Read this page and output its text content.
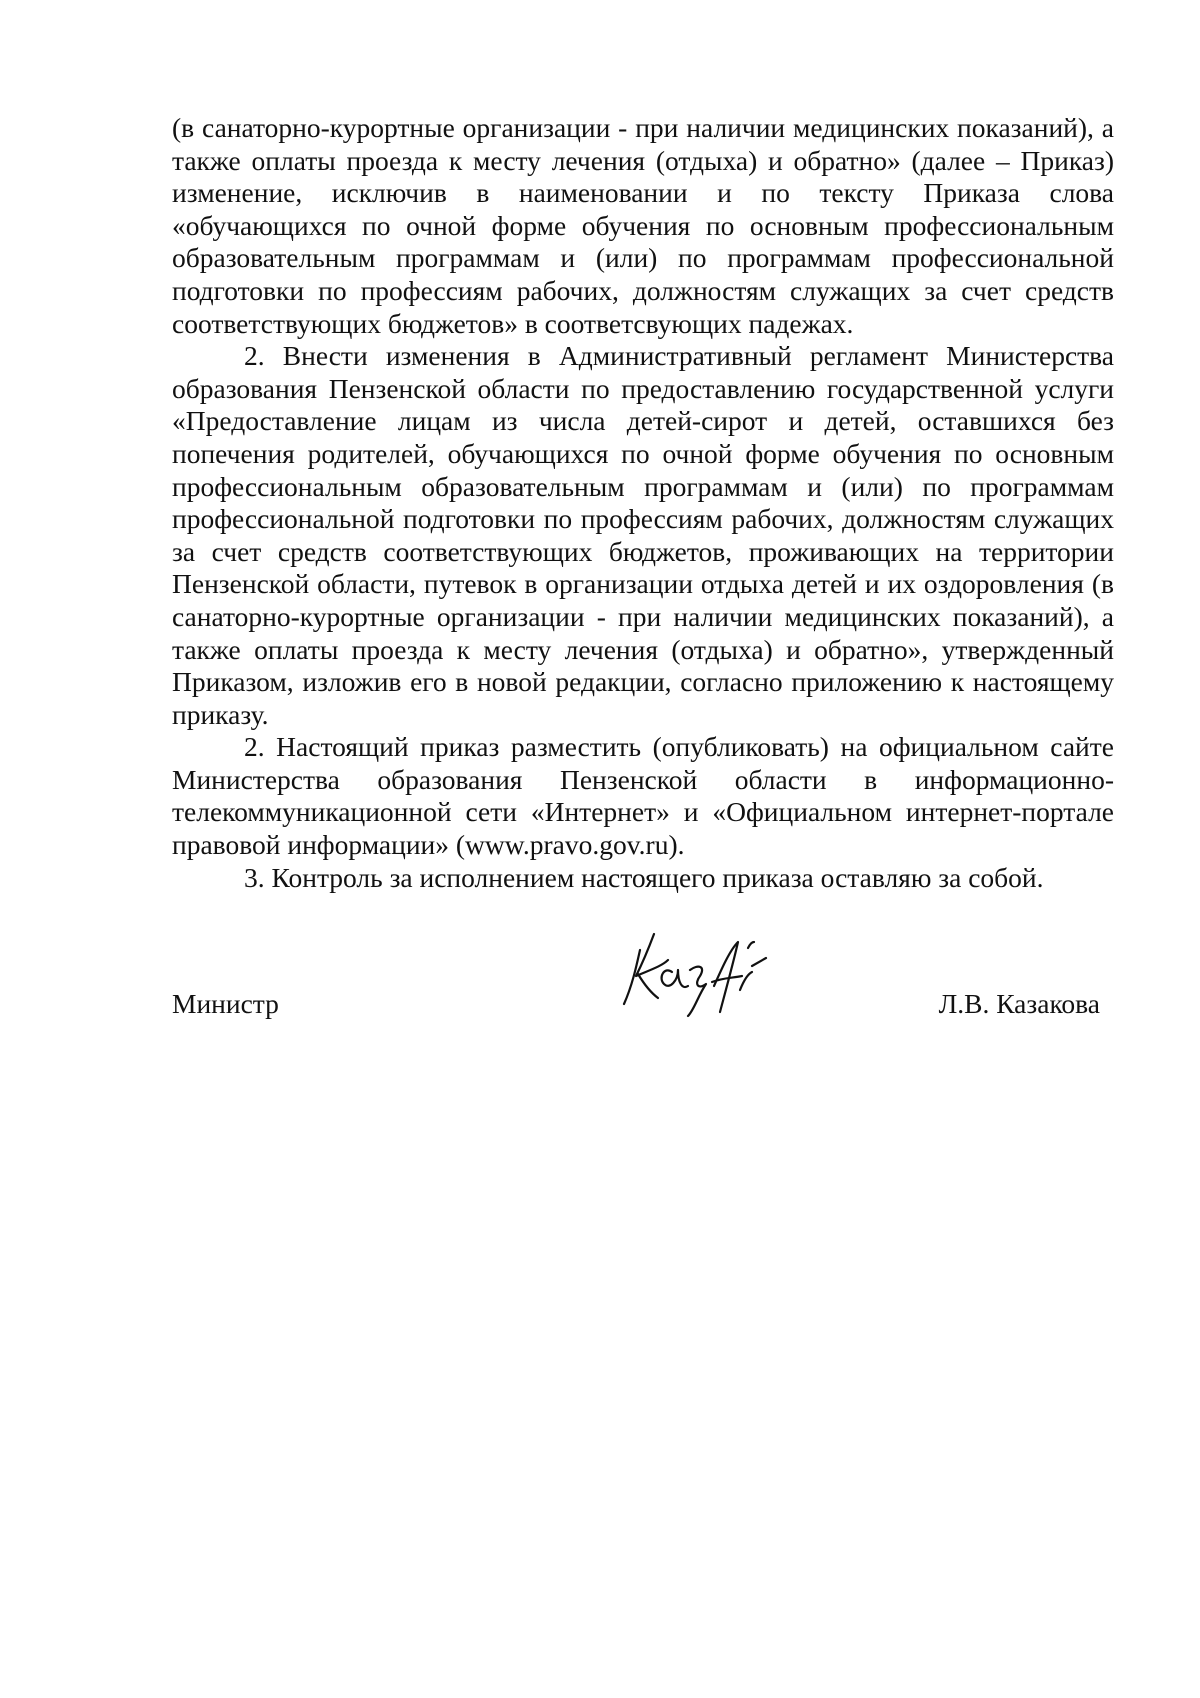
(в санаторно-курортные организации - при наличии медицинских показаний), а также оплаты проезда к месту лечения (отдыха) и обратно» (далее – Приказ) изменение, исключив в наименовании и по тексту Приказа слова «обучающихся по очной форме обучения по основным профессиональным образовательным программам и (или) по программам профессиональной подготовки по профессиям рабочих, должностям служащих за счет средств соответствующих бюджетов» в соответсвующих падежах.

2. Внести изменения в Административный регламент Министерства образования Пензенской области по предоставлению государственной услуги «Предоставление лицам из числа детей-сирот и детей, оставшихся без попечения родителей, обучающихся по очной форме обучения по основным профессиональным образовательным программам и (или) по программам профессиональной подготовки по профессиям рабочих, должностям служащих за счет средств соответствующих бюджетов, проживающих на территории Пензенской области, путевок в организации отдыха детей и их оздоровления (в санаторно-курортные организации - при наличии медицинских показаний), а также оплаты проезда к месту лечения (отдыха) и обратно», утвержденный Приказом, изложив его в новой редакции, согласно приложению к настоящему приказу.

2. Настоящий приказ разместить (опубликовать) на официальном сайте Министерства образования Пензенской области в информационно-телекоммуникационной сети «Интернет» и «Официальном интернет-портале правовой информации» (www.pravo.gov.ru).

3. Контроль за исполнением настоящего приказа оставляю за собой.

Министр	Л.В. Казакова
